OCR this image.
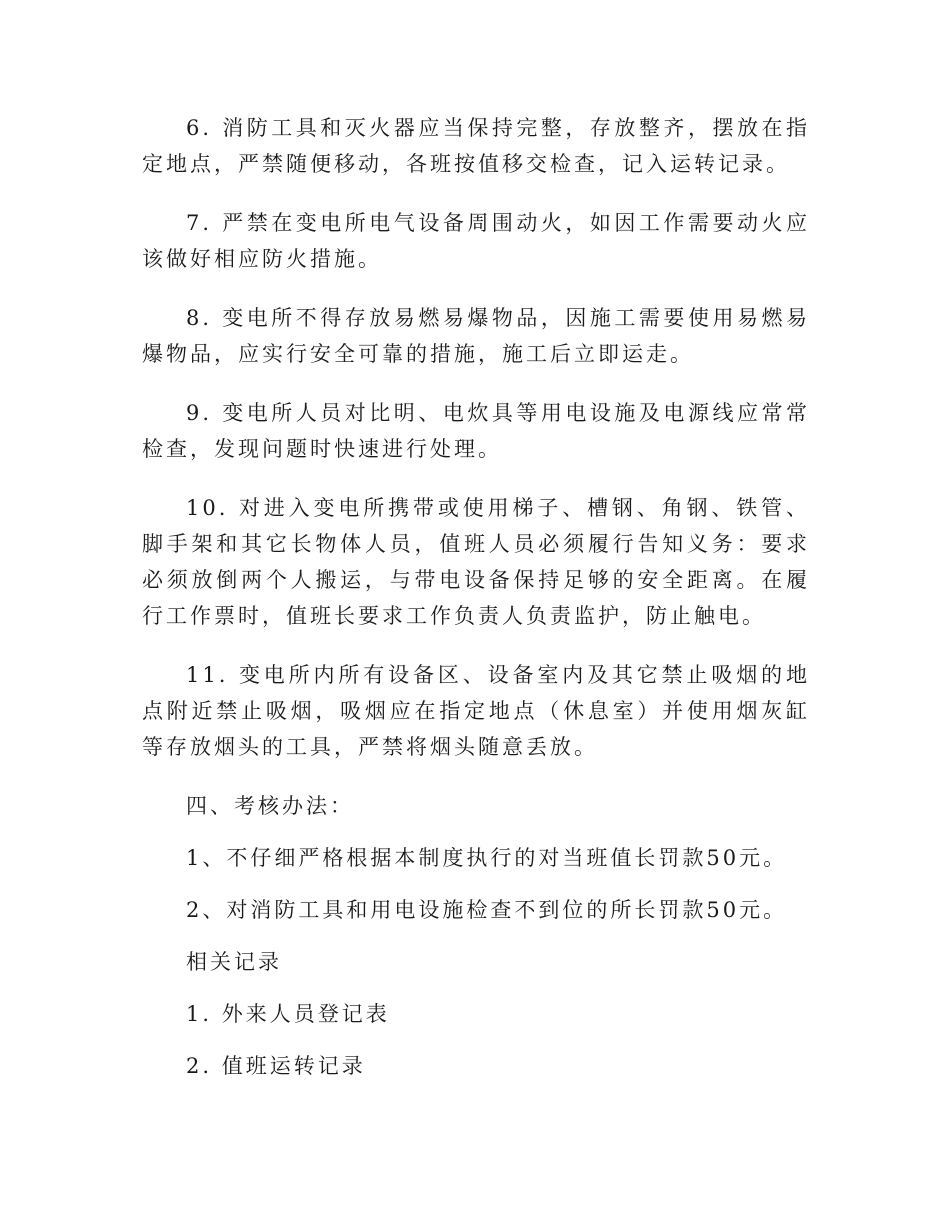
6. 消防工具和灭火器应当保持完整，存放整齐，摆放在指定地点，严禁随便移动，各班按值移交检查，记入运转记录。

7. 严禁在变电所电气设备周围动火，如因工作需要动火应该做好相应防火措施。

8. 变电所不得存放易燃易爆物品，因施工需要使用易燃易爆物品，应实行安全可靠的措施，施工后立即运走。

9. 变电所人员对比明、电炊具等用电设施及电源线应常常检查，发现问题时快速进行处理。

10. 对进入变电所携带或使用梯子、槽钢、角钢、铁管、脚手架和其它长物体人员，值班人员必须履行告知义务：要求必须放倒两个人搬运，与带电设备保持足够的安全距离。在履行工作票时，值班长要求工作负责人负责监护，防止触电。

11. 变电所内所有设备区、设备室内及其它禁止吸烟的地点附近禁止吸烟，吸烟应在指定地点（休息室）并使用烟灰缸等存放烟头的工具，严禁将烟头随意丢放。

四、考核办法：

1、不仔细严格根据本制度执行的对当班值长罚款50元。

2、对消防工具和用电设施检查不到位的所长罚款50元。

相关记录

1. 外来人员登记表

2. 值班运转记录
